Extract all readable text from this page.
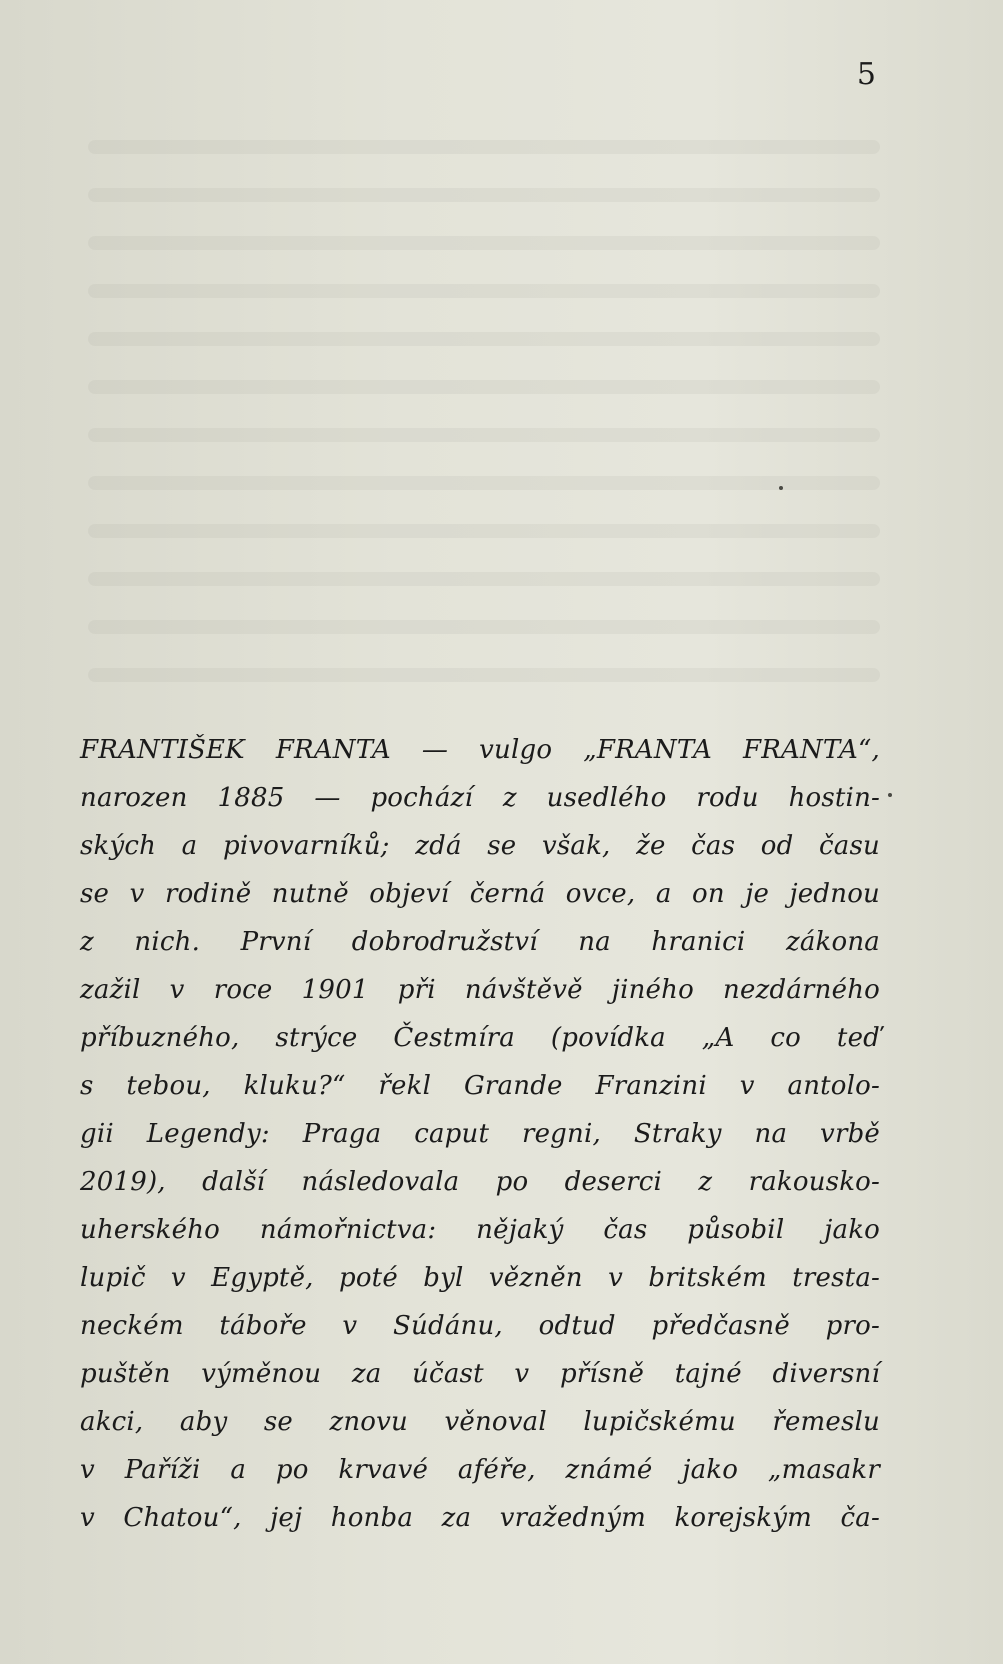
5
FRANTIŠEK FRANTA — vulgo „FRANTA FRANTA“,
narozen 1885 — pochází z usedlého rodu hostin-
ských a pivovarníků; zdá se však, že čas od času
se v rodině nutně objeví černá ovce, a on je jednou
z nich. První dobrodružství na hranici zákona
zažil v roce 1901 při návštěvě jiného nezdárného
příbuzného, strýce Čestmíra (povídka „A co teď
s tebou, kluku?“ řekl Grande Franzini v antolo-
gii Legendy: Praga caput regni, Straky na vrbě
2019), další následovala po deserci z rakousko-
uherského námořnictva: nějaký čas působil jako
lupič v Egyptě, poté byl vězněn v britském tresta-
neckém táboře v Súdánu, odtud předčasně pro-
puštěn výměnou za účast v přísně tajné diversní
akci, aby se znovu věnoval lupičskému řemeslu
v Paříži a po krvavé aféře, známé jako „masakr
v Chatou“, jej honba za vražedným korejským ča-
